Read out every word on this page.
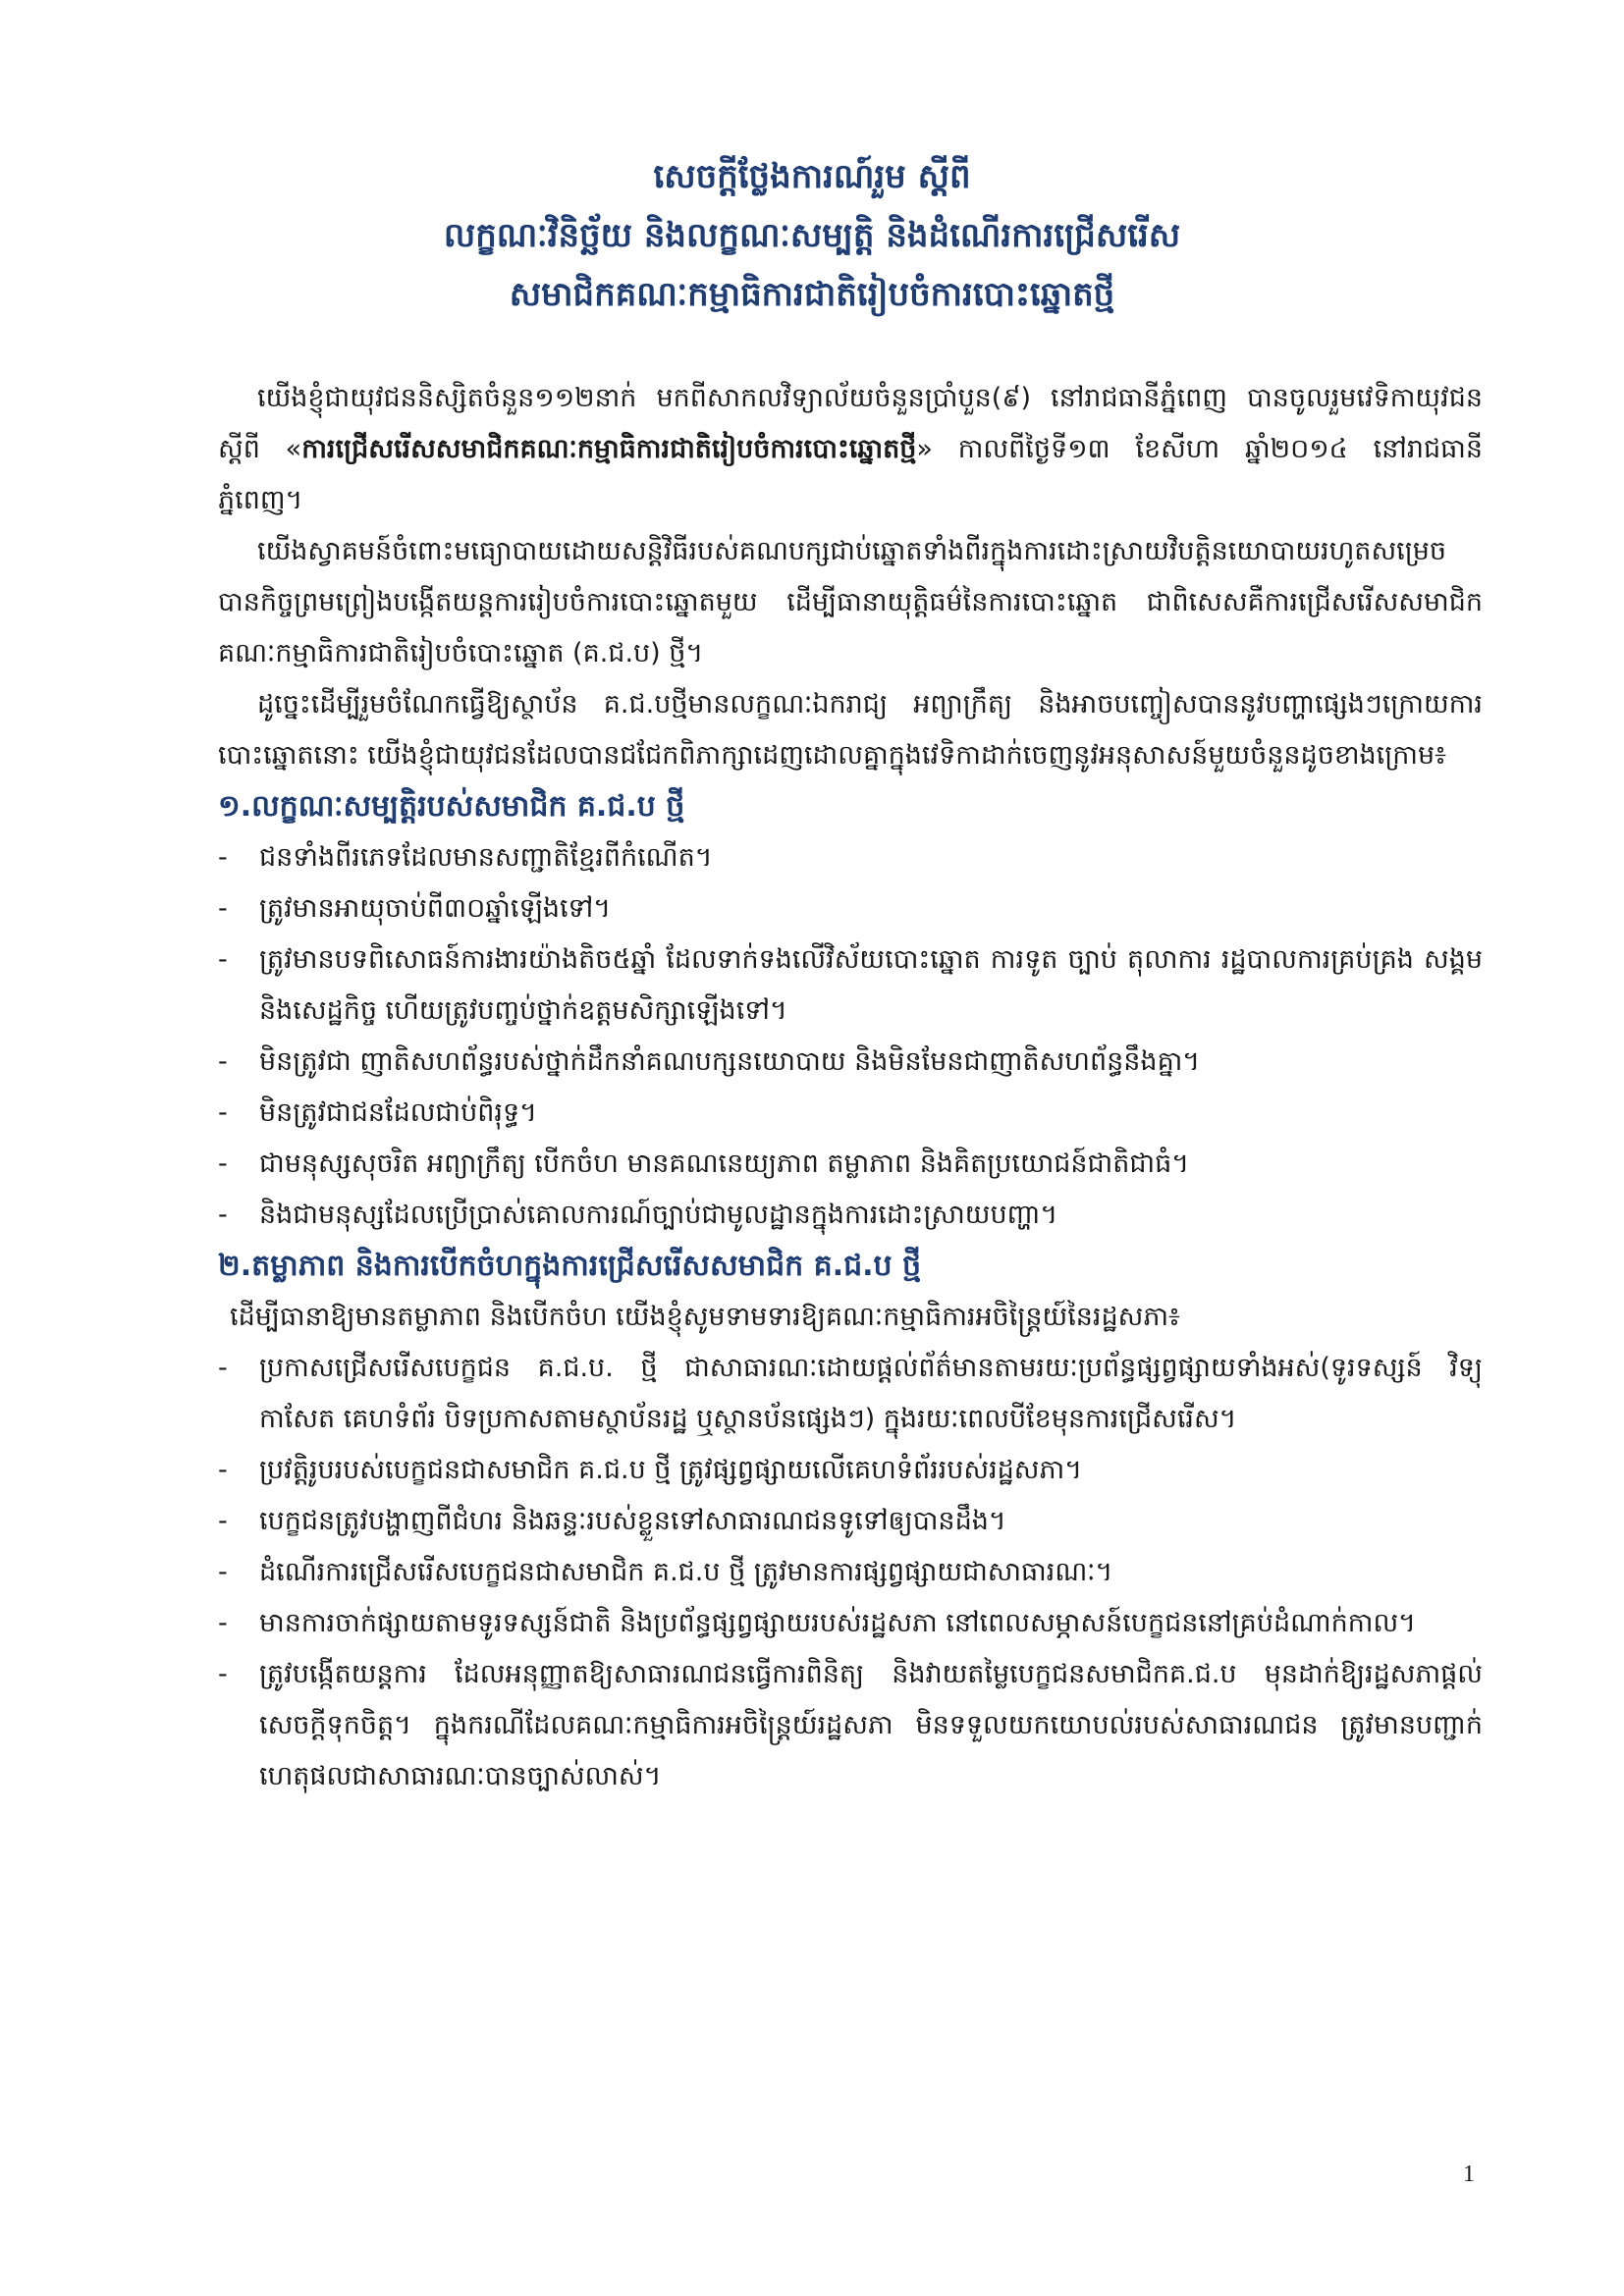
សេចក្តីថ្លែងការណ៍រួម ស្តីពី
លក្ខណៈវិនិច្ឆ័យ និងលក្ខណៈសម្បត្តិ និងដំណើរការជ្រើសរើស
សមាជិកគណៈកម្មាធិការជាតិរៀបចំការបោះឆ្នោតថ្មី

យើងខ្ញុំជាយុវជននិស្សិតចំនួន១១២នាក់ មកពីសាកលវិទ្យាល័យចំនួនប្រាំបួន(៩) នៅរាជធានីភ្នំពេញ បានចូលរួមវេទិកាយុវជនស្តីពី «ការជ្រើសរើសសមាជិកគណៈកម្មាធិការជាតិរៀបចំការបោះឆ្នោតថ្មី» កាលពីថ្ងៃទី១៣ ខែសីហា ឆ្នាំ២០១៤ នៅរាជធានីភ្នំពេញ។

យើងស្វាគមន៍ចំពោះមធ្យោបាយដោយសន្តិវិធីរបស់គណបក្សជាប់ឆ្នោតទាំងពីរក្នុងការដោះស្រាយវិបត្តិនយោបាយរហូតសម្រេចបានកិច្ចព្រមព្រៀងបង្កើតយន្តការរៀបចំការបោះឆ្នោតមួយ ដើម្បីធានាយុត្តិធម៌នៃការបោះឆ្នោត ជាពិសេសគឺការជ្រើសរើសសមាជិកគណៈកម្មាធិការជាតិរៀបចំបោះឆ្នោត (គ.ជ.ប) ថ្មី។

ដូច្នេះដើម្បីរួមចំណែកធ្វើឱ្យស្ថាប័ន គ.ជ.បថ្មីមានលក្ខណៈឯករាជ្យ អព្យាក្រឹត្យ និងអាចបញ្ចៀសបាននូវបញ្ហាផ្សេងៗក្រោយការបោះឆ្នោតនោះ យើងខ្ញុំជាយុវជនដែលបានជជែកពិភាក្សាដេញដោលគ្នាក្នុងវេទិកាដាក់ចេញនូវអនុសាសន៍មួយចំនួនដូចខាងក្រោម៖

១.លក្ខណៈសម្បត្តិរបស់សមាជិក គ.ជ.ប ថ្មី
- ជនទាំងពីរភេទដែលមានសញ្ជាតិខ្មែរពីកំណើត។
- ត្រូវមានអាយុចាប់ពី៣០ឆ្នាំឡើងទៅ។
- ត្រូវមានបទពិសោធន៍ការងារយ៉ាងតិច៥ឆ្នាំ ដែលទាក់ទងលើវិស័យបោះឆ្នោត ការទូត ច្បាប់ តុលាការ រដ្ឋបាលការគ្រប់គ្រង សង្គម និងសេដ្ឋកិច្ច ហើយត្រូវបញ្ចប់ថ្នាក់ឧត្តមសិក្សាឡើងទៅ។
- មិនត្រូវជា ញាតិសហព័ន្ធរបស់ថ្នាក់ដឹកនាំគណបក្សនយោបាយ និងមិនមែនជាញាតិសហព័ន្ធនឹងគ្នា។
- មិនត្រូវជាជនដែលជាប់ពិរុទ្ធ។
- ជាមនុស្សសុចរិត អព្យាក្រឹត្យ បើកចំហ មានគណនេយ្យភាព តម្លាភាព និងគិតប្រយោជន៍ជាតិជាធំ។
- និងជាមនុស្សដែលប្រើប្រាស់គោលការណ៍ច្បាប់ជាមូលដ្ឋានក្នុងការដោះស្រាយបញ្ហា។
២.តម្លាភាព និងការបើកចំហក្នុងការជ្រើសរើសសមាជិក គ.ជ.ប ថ្មី
ដើម្បីធានាឱ្យមានតម្លាភាព និងបើកចំហ យើងខ្ញុំសូមទាមទារឱ្យគណៈកម្មាធិការអចិន្ត្រៃយ៍នៃរដ្ឋសភា៖
- ប្រកាសជ្រើសរើសបេក្ខជន គ.ជ.ប. ថ្មី ជាសាធារណៈដោយផ្តល់ព័ត៌មានតាមរយៈប្រព័ន្ធផ្សព្វផ្សាយទាំងអស់(ទូរទស្សន៍ វិទ្យុ កាសែត គេហទំព័រ បិទប្រកាសតាមស្ថាប័នរដ្ឋ ឬស្ថានប័នផ្សេងៗ) ក្នុងរយៈពេលបីខែមុនការជ្រើសរើស។
- ប្រវត្តិរូបរបស់បេក្ខជនជាសមាជិក គ.ជ.ប ថ្មី ត្រូវផ្សព្វផ្សាយលើគេហទំព័ររបស់រដ្ឋសភា។
- បេក្ខជនត្រូវបង្ហាញពីជំហរ និងឆន្ទៈរបស់ខ្លួនទៅសាធារណជនទូទៅឲ្យបានដឹង។
- ដំណើរការជ្រើសរើសបេក្ខជនជាសមាជិក គ.ជ.ប ថ្មី ត្រូវមានការផ្សព្វផ្សាយជាសាធារណៈ។
- មានការចាក់ផ្សាយតាមទូរទស្សន៍ជាតិ និងប្រព័ន្ធផ្សព្វផ្សាយរបស់រដ្ឋសភា នៅពេលសម្ភាសន៍បេក្ខជននៅគ្រប់ដំណាក់កាល។
- ត្រូវបង្កើតយន្តការ ដែលអនុញ្ញាតឱ្យសាធារណជនធ្វើការពិនិត្យ និងវាយតម្លៃបេក្ខជនសមាជិកគ.ជ.ប មុនដាក់ឱ្យរដ្ឋសភាផ្តល់សេចក្តីទុកចិត្ត។ ក្នុងករណីដែលគណៈកម្មាធិការអចិន្ត្រៃយ៍រដ្ឋសភា មិនទទួលយកយោបល់របស់សាធារណជន ត្រូវមានបញ្ជាក់ហេតុផលជាសាធារណៈបានច្បាស់លាស់។
1
